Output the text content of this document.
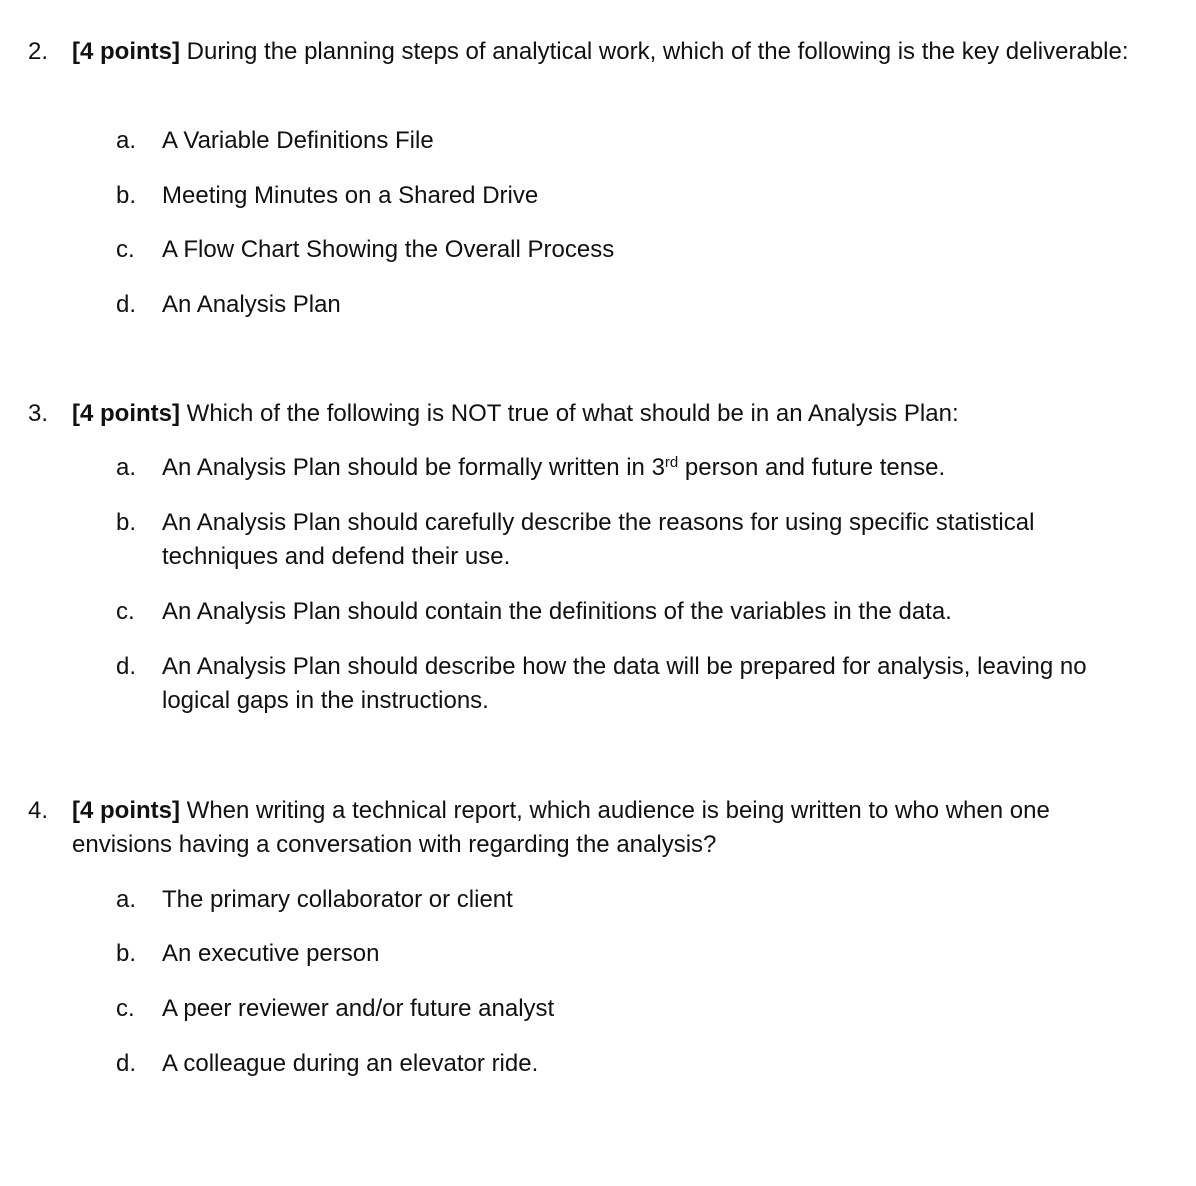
2. [4 points] During the planning steps of analytical work, which of the following is the key deliverable:
a. A Variable Definitions File
b. Meeting Minutes on a Shared Drive
c. A Flow Chart Showing the Overall Process
d. An Analysis Plan
3. [4 points] Which of the following is NOT true of what should be in an Analysis Plan:
a. An Analysis Plan should be formally written in 3rd person and future tense.
b. An Analysis Plan should carefully describe the reasons for using specific statistical techniques and defend their use.
c. An Analysis Plan should contain the definitions of the variables in the data.
d. An Analysis Plan should describe how the data will be prepared for analysis, leaving no logical gaps in the instructions.
4. [4 points] When writing a technical report, which audience is being written to who when one envisions having a conversation with regarding the analysis?
a. The primary collaborator or client
b. An executive person
c. A peer reviewer and/or future analyst
d. A colleague during an elevator ride.
